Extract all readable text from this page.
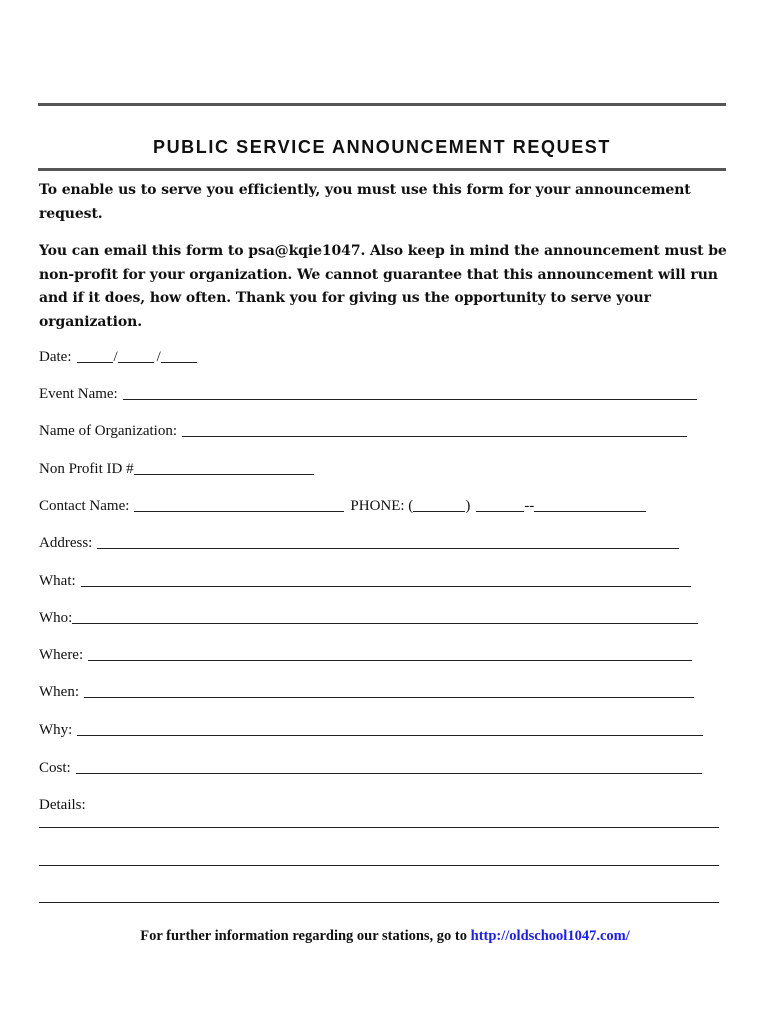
PUBLIC SERVICE ANNOUNCEMENT REQUEST
To enable us to serve you efficiently, you must use this form for your announcement request.
You can email this form to psa@kqie1047. Also keep in mind the announcement must be non-profit for your organization. We cannot guarantee that this announcement will run and if it does, how often. Thank you for giving us the opportunity to serve your organization.
Date:	/	/
Event Name:
Name of Organization:
Non Profit ID #
Contact Name:	PHONE: (	)	--
Address:
What:
Who:
Where:
When:
Why:
Cost:
Details:
For further information regarding our stations, go to http://oldschool1047.com/
